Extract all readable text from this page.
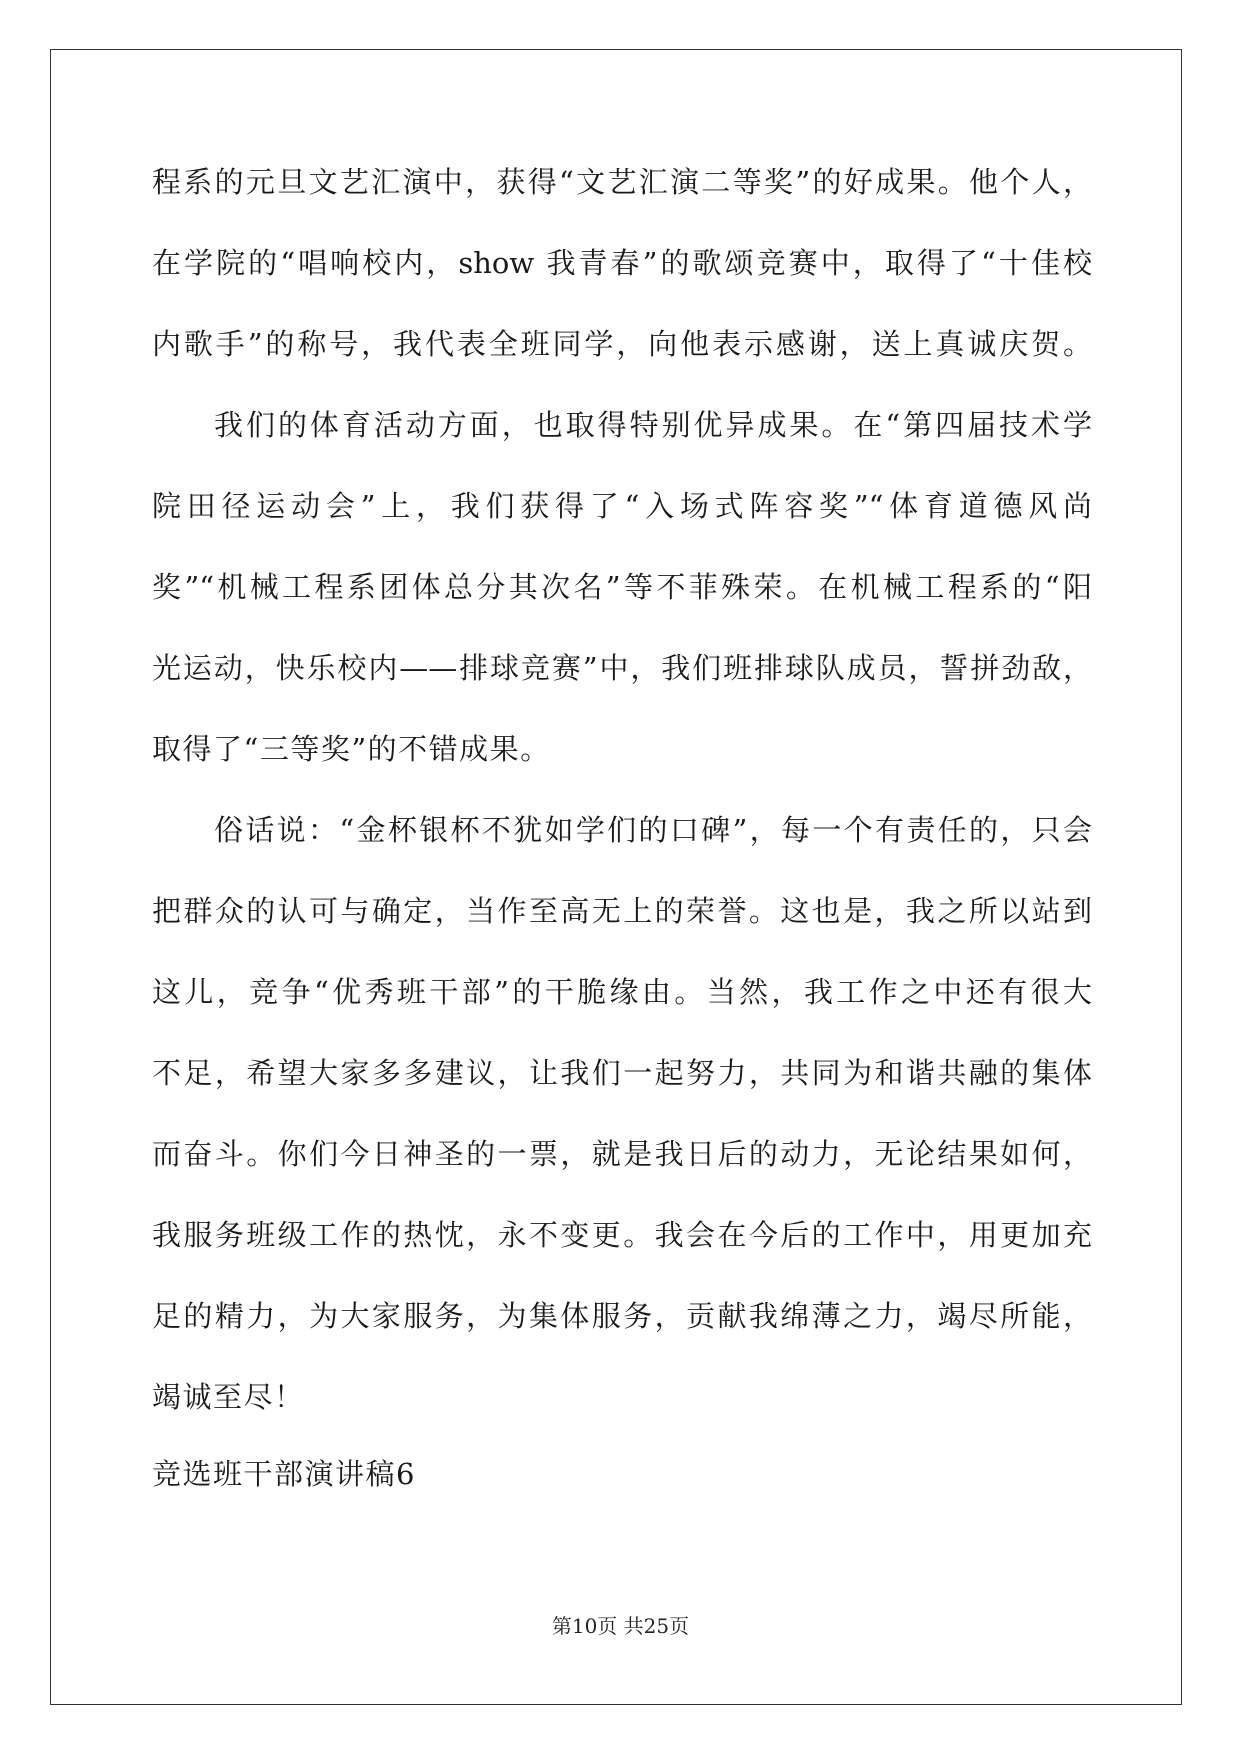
程系的元旦文艺汇演中，获得“文艺汇演二等奖”的好成果。他个人，
在学院的“唱响校内，show 我青春”的歌颂竞赛中，取得了“十佳校
内歌手”的称号，我代表全班同学，向他表示感谢，送上真诚庆贺。
我们的体育活动方面，也取得特别优异成果。在“第四届技术学
院田径运动会”上，我们获得了“入场式阵容奖”“体育道德风尚
奖”“机械工程系团体总分其次名”等不菲殊荣。在机械工程系的“阳
光运动，快乐校内——排球竞赛”中，我们班排球队成员，誓拼劲敌，
取得了“三等奖”的不错成果。
俗话说：“金杯银杯不犹如学们的口碑”，每一个有责任的，只会
把群众的认可与确定，当作至高无上的荣誉。这也是，我之所以站到
这儿，竞争“优秀班干部”的干脆缘由。当然，我工作之中还有很大
不足，希望大家多多建议，让我们一起努力，共同为和谐共融的集体
而奋斗。你们今日神圣的一票，就是我日后的动力，无论结果如何，
我服务班级工作的热忱，永不变更。我会在今后的工作中，用更加充
足的精力，为大家服务，为集体服务，贡献我绵薄之力，竭尽所能，
竭诚至尽！
竞选班干部演讲稿6
第10页 共25页
